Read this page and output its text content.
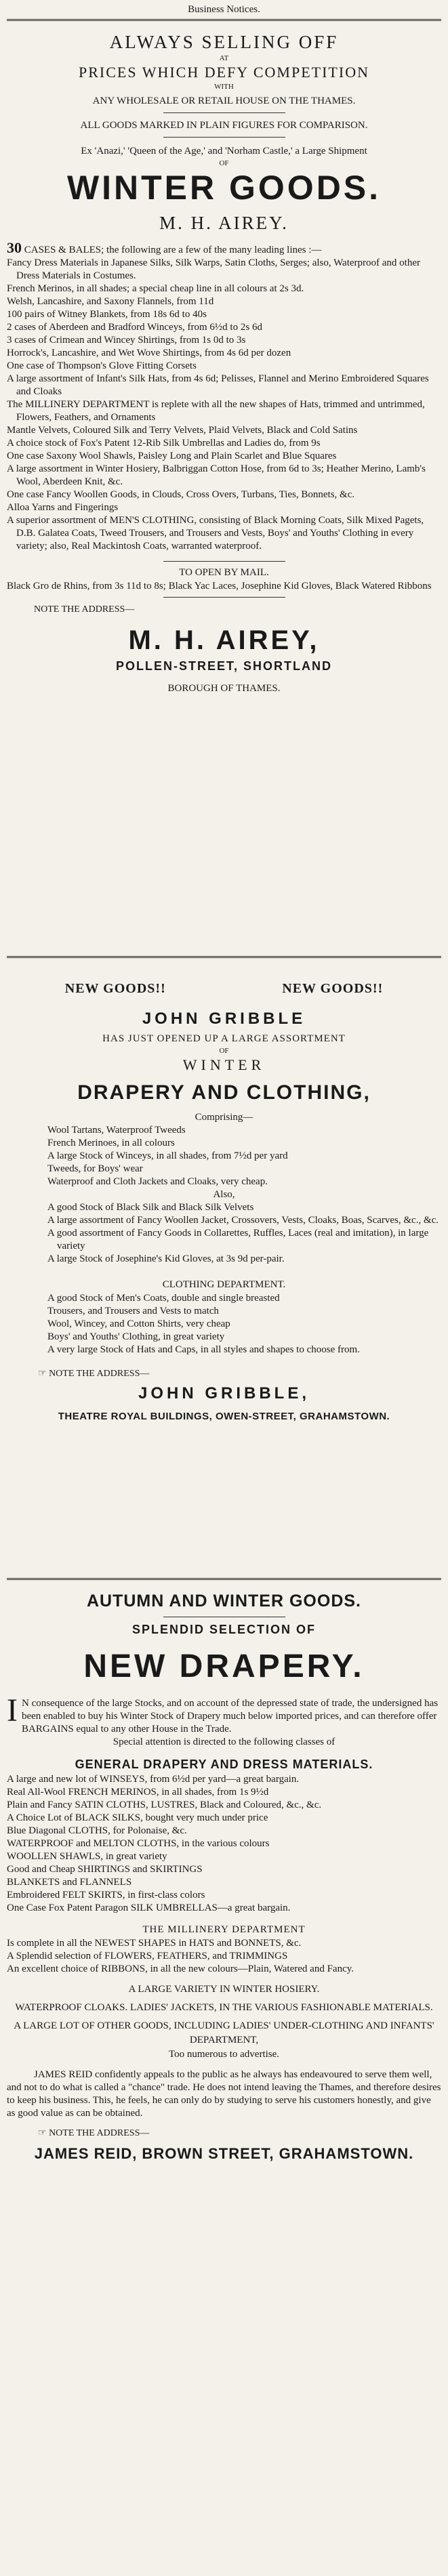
Business Notices.
ALWAYS SELLING OFF
AT
PRICES WHICH DEFY COMPETITION
WITH
ANY WHOLESALE OR RETAIL HOUSE ON THE THAMES.
ALL GOODS MARKED IN PLAIN FIGURES FOR COMPARISON.
Ex 'Anazi,' 'Queen of the Age,' and 'Norham Castle,' a Large Shipment
OF
WINTER GOODS.
M. H. AIREY.

30 CASES & BALES; the following are a few of the many leading lines :—

Fancy Dress Materials in Japanese Silks, Silk Warps, Satin Cloths, Serges; also, Waterproof and other Dress Materials in Costumes.

French Merinos, in all shades; a special cheap line in all colours at 2s 3d.

Welsh, Lancashire, and Saxony Flannels, from 11d

100 pairs of Witney Blankets, from 18s 6d to 40s

2 cases of Aberdeen and Bradford Winceys, from 6½d to 2s 6d

3 cases of Crimean and Wincey Shirtings, from 1s 0d to 3s

Horrock's, Lancashire, and Wet Wove Shirtings, from 4s 6d per dozen

One case of Thompson's Glove Fitting Corsets

A large assortment of Infant's Silk Hats, from 4s 6d; Pelisses, Flannel and Merino Embroidered Squares and Cloaks

The MILLINERY DEPARTMENT is replete with all the new shapes of Hats, trimmed and untrimmed, Flowers, Feathers, and Ornaments

Mantle Velvets, Coloured Silk and Terry Velvets, Plaid Velvets, Black and Cold Satins

A choice stock of Fox's Patent 12-Rib Silk Umbrellas and Ladies do, from 9s

One case Saxony Wool Shawls, Paisley Long and Plain Scarlet and Blue Squares

A large assortment in Winter Hosiery, Balbriggan Cotton Hose, from 6d to 3s; Heather Merino, Lamb's Wool, Aberdeen Knit, &c.

One case Fancy Woollen Goods, in Clouds, Cross Overs, Turbans, Ties, Bonnets, &c.

Alloa Yarns and Fingerings

A superior assortment of MEN'S CLOTHING, consisting of Black Morning Coats, Silk Mixed Pagets, D.B. Galatea Coats, Tweed Trousers, and Trousers and Vests, Boys' and Youths' Clothing in every variety; also, Real Mackintosh Coats, warranted waterproof.

TO OPEN BY MAIL.

Black Gro de Rhins, from 3s 11d to 8s; Black Yac Laces, Josephine Kid Gloves, Black Watered Ribbons

NOTE THE ADDRESS—
M. H. AIREY,
POLLEN-STREET, SHORTLAND
BOROUGH OF THAMES.
NEW GOODS!!	NEW GOODS!!
JOHN GRIBBLE
HAS JUST OPENED UP A LARGE ASSORTMENT
OF
WINTER
DRAPERY AND CLOTHING,

Comprising—

Wool Tartans, Waterproof Tweeds

French Merinoes, in all colours

A large Stock of Winceys, in all shades, from 7½d per yard

Tweeds, for Boys' wear

Waterproof and Cloth Jackets and Cloaks, very cheap.

Also,

A good Stock of Black Silk and Black Silk Velvets

A large assortment of Fancy Woollen Jacket, Crossovers, Vests, Cloaks, Boas, Scarves, &c., &c.

A good assortment of Fancy Goods in Collarettes, Ruffles, Laces (real and imitation), in large variety

A large Stock of Josephine's Kid Gloves, at 3s 9d per-pair.

CLOTHING DEPARTMENT.

A good Stock of Men's Coats, double and single breasted

Trousers, and Trousers and Vests to match

Wool, Wincey, and Cotton Shirts, very cheap

Boys' and Youths' Clothing, in great variety

A very large Stock of Hats and Caps, in all styles and shapes to choose from.

☞ NOTE THE ADDRESS—
JOHN GRIBBLE,
THEATRE ROYAL BUILDINGS, OWEN-STREET, GRAHAMSTOWN.
AUTUMN AND WINTER GOODS.
SPLENDID SELECTION OF
NEW DRAPERY.

I N consequence of the large Stocks, and on account of the depressed state of trade, the undersigned has been enabled to buy his Winter Stock of Drapery much below imported prices, and can therefore offer BARGAINS equal to any other House in the Trade.

Special attention is directed to the following classes of

GENERAL DRAPERY AND DRESS MATERIALS.

A large and new lot of WINSEYS, from 6½d per yard—a great bargain.

Real All-Wool FRENCH MERINOS, in all shades, from 1s 9½d

Plain and Fancy SATIN CLOTHS, LUSTRES, Black and Coloured, &c., &c.

A Choice Lot of BLACK SILKS, bought very much under price

Blue Diagonal CLOTHS, for Polonaise, &c.

WATERPROOF and MELTON CLOTHS, in the various colours

WOOLLEN SHAWLS, in great variety

Good and Cheap SHIRTINGS and SKIRTINGS

BLANKETS and FLANNELS

Embroidered FELT SKIRTS, in first-class colors

One Case Fox Patent Paragon SILK UMBRELLAS—a great bargain.

THE MILLINERY DEPARTMENT

Is complete in all the NEWEST SHAPES in HATS and BONNETS, &c.

A Splendid selection of FLOWERS, FEATHERS, and TRIMMINGS

An excellent choice of RIBBONS, in all the new colours—Plain, Watered and Fancy.

A LARGE VARIETY IN WINTER HOSIERY.
WATERPROOF CLOAKS. LADIES' JACKETS, IN THE VARIOUS FASHIONABLE MATERIALS.
A LARGE LOT OF OTHER GOODS, INCLUDING LADIES' UNDER-CLOTHING AND INFANTS' DEPARTMENT,
Too numerous to advertise.

JAMES REID confidently appeals to the public as he always has endeavoured to serve them well, and not to do what is called a "chance" trade. He does not intend leaving the Thames, and therefore desires to keep his business. This, he feels, he can only do by studying to serve his customers honestly, and give as good value as can be obtained.

☞ NOTE THE ADDRESS—
JAMES REID, BROWN STREET, GRAHAMSTOWN.
